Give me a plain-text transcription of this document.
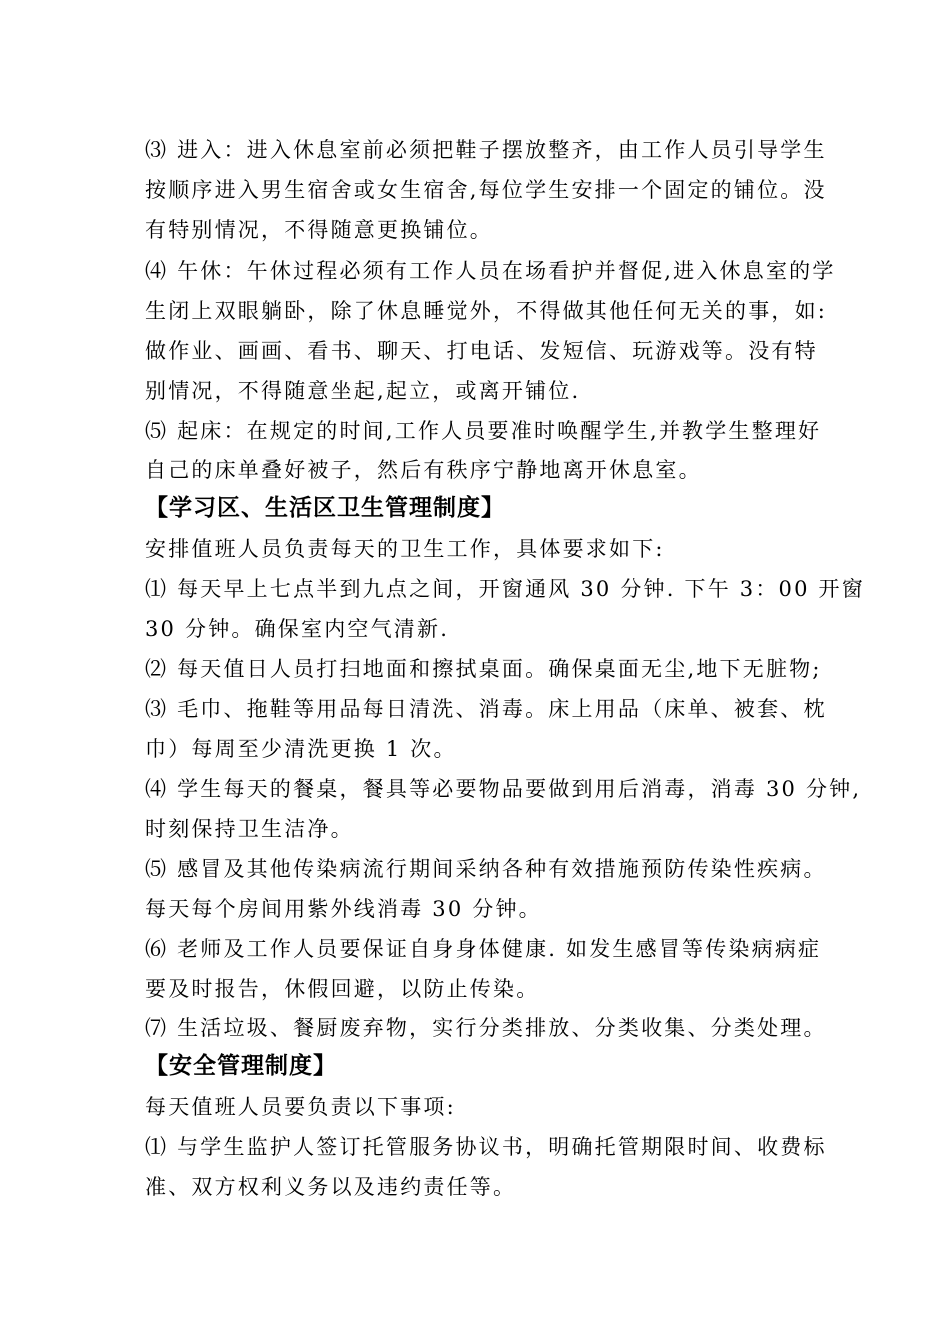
⑶ 进入：进入休息室前必须把鞋子摆放整齐，由工作人员引导学生
按顺序进入男生宿舍或女生宿舍,每位学生安排一个固定的铺位。没
有特别情况，不得随意更换铺位。
⑷ 午休：午休过程必须有工作人员在场看护并督促,进入休息室的学
生闭上双眼躺卧，除了休息睡觉外，不得做其他任何无关的事，如:
做作业、画画、看书、聊天、打电话、发短信、玩游戏等。没有特
别情况，不得随意坐起,起立，或离开铺位.
⑸ 起床：在规定的时间,工作人员要准时唤醒学生,并教学生整理好
自己的床单叠好被子，然后有秩序宁静地离开休息室。
【学习区、生活区卫生管理制度】
安排值班人员负责每天的卫生工作，具体要求如下:
⑴ 每天早上七点半到九点之间，开窗通风 30 分钟. 下午 3：00 开窗
30 分钟。确保室内空气清新.
⑵ 每天值日人员打扫地面和擦拭桌面。确保桌面无尘,地下无脏物;
⑶ 毛巾、拖鞋等用品每日清洗、消毒。床上用品（床单、被套、枕
巾）每周至少清洗更换 1 次。
⑷ 学生每天的餐桌，餐具等必要物品要做到用后消毒，消毒 30 分钟,
时刻保持卫生洁净。
⑸ 感冒及其他传染病流行期间采纳各种有效措施预防传染性疾病。
每天每个房间用紫外线消毒 30 分钟。
⑹ 老师及工作人员要保证自身身体健康. 如发生感冒等传染病病症
要及时报告，休假回避，以防止传染。
⑺ 生活垃圾、餐厨废弃物，实行分类排放、分类收集、分类处理。
【安全管理制度】
每天值班人员要负责以下事项:
⑴ 与学生监护人签订托管服务协议书，明确托管期限时间、收费标
准、双方权利义务以及违约责任等。
